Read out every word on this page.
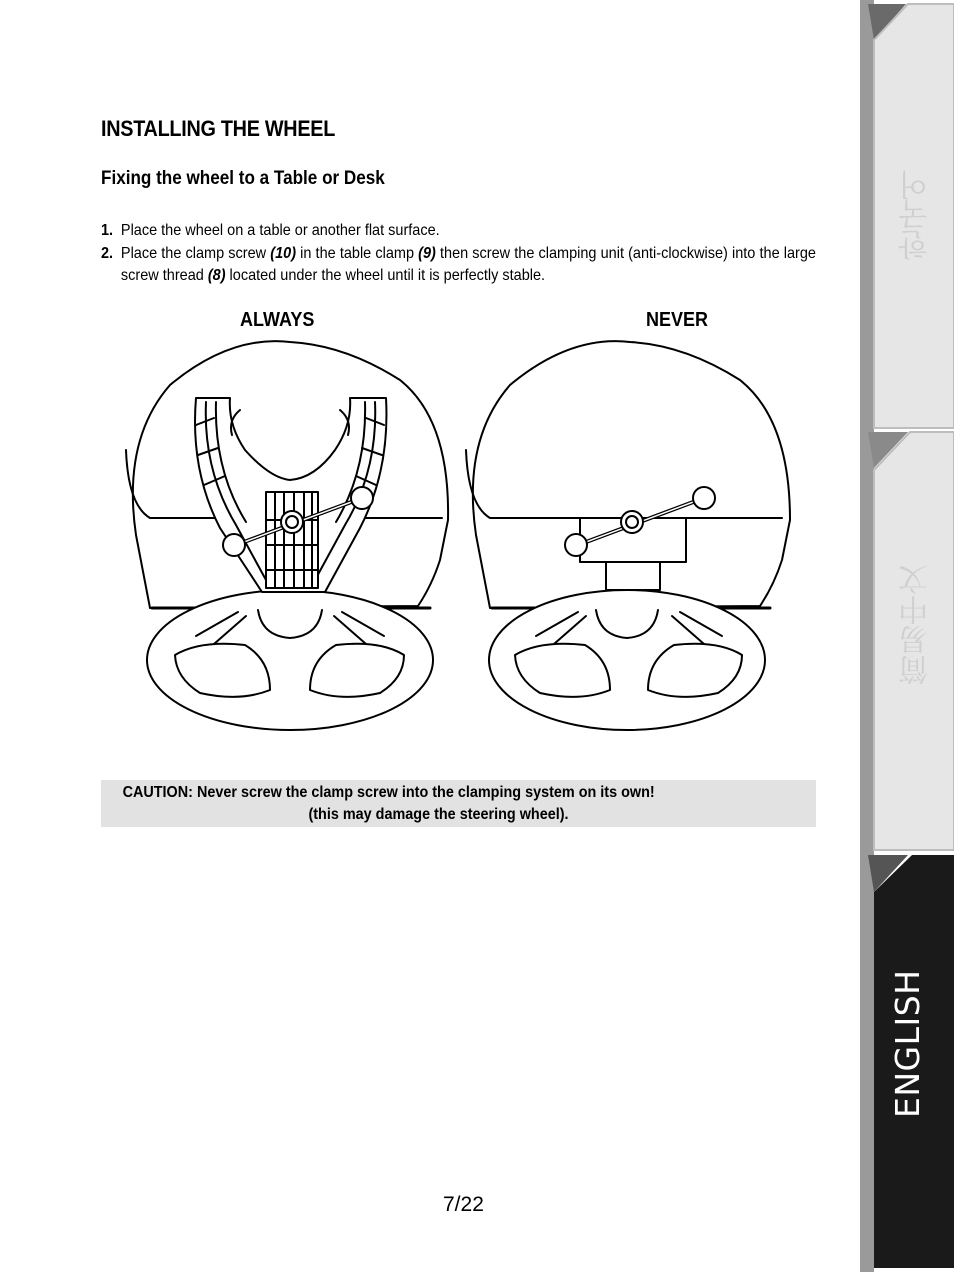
INSTALLING THE WHEEL
Fixing the wheel to a Table or Desk
1. Place the wheel on a table or another flat surface.
2. Place the clamp screw (10) in the table clamp (9) then screw the clamping unit (anti-clockwise) into the large screw thread (8) located under the wheel until it is perfectly stable.
ALWAYS	NEVER
CAUTION: Never screw the clamp screw into the clamping system on its own!
(this may damage the steering wheel).
7/22
한국어
简易中文
ENGLISH
